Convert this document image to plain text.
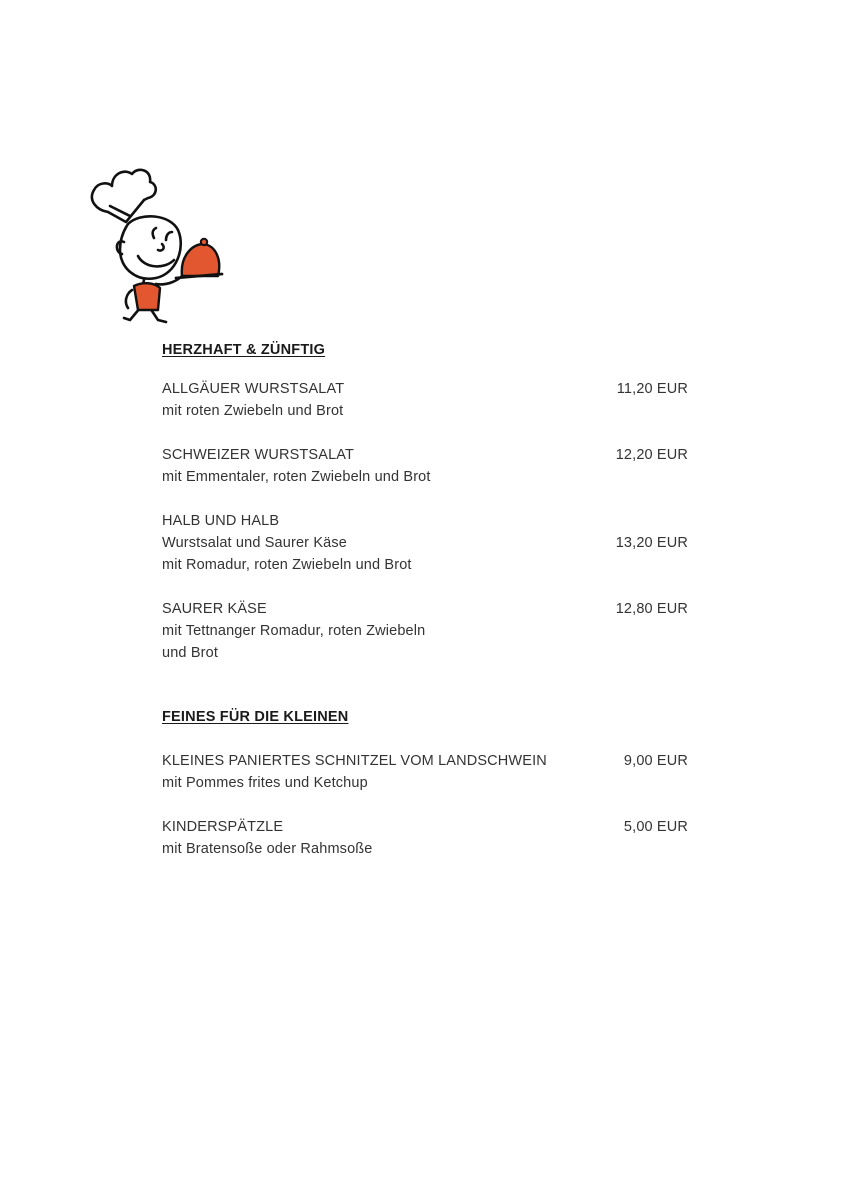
HERZHAFT & ZÜNFTIG
11,20 EUR
ALLGÄUER WURSTSALAT
mit roten Zwiebeln und Brot
12,20 EUR
SCHWEIZER WURSTSALAT
mit Emmentaler, roten Zwiebeln und Brot
13,20 EUR
HALB UND HALB
Wurstsalat und Saurer Käse
mit Romadur, roten Zwiebeln und Brot
12,80 EUR
SAURER KÄSE
mit Tettnanger Romadur, roten Zwiebeln
und Brot
FEINES FÜR DIE KLEINEN
9,00 EUR
KLEINES PANIERTES SCHNITZEL VOM LANDSCHWEIN
mit Pommes frites und Ketchup
5,00 EUR
KINDERSPÄTZLE
mit Bratensoße oder Rahmsoße
